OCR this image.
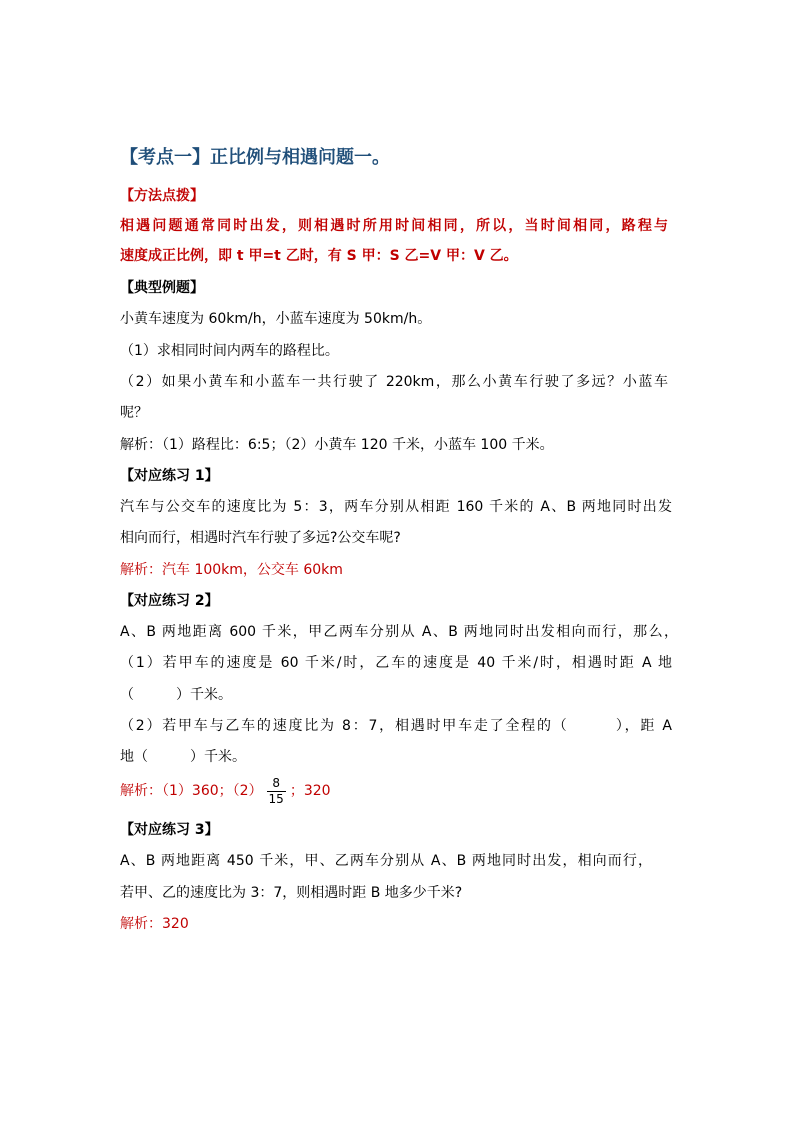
【考点一】正比例与相遇问题一。
【方法点拨】
相遇问题通常同时出发，则相遇时所用时间相同，所以，当时间相同，路程与
速度成正比例，即 t 甲=t 乙时，有 S 甲：S 乙=V 甲：V 乙。
【典型例题】
小黄车速度为 60km/h，小蓝车速度为 50km/h。
（1）求相同时间内两车的路程比。
（2）如果小黄车和小蓝车一共行驶了 220km，那么小黄车行驶了多远？小蓝车
呢？
解析：（1）路程比：6:5；（2）小黄车 120 千米，小蓝车 100 千米。
【对应练习 1】
汽车与公交车的速度比为 5：3，两车分别从相距 160 千米的 A、B 两地同时出发
相向而行，相遇时汽车行驶了多远?公交车呢?
解析：汽车 100km，公交车 60km
【对应练习 2】
A、B 两地距离 600 千米，甲乙两车分别从 A、B 两地同时出发相向而行，那么，
（1）若甲车的速度是 60 千米/时，乙车的速度是 40 千米/时，相遇时距 A 地
（　　　）千米。
（2）若甲车与乙车的速度比为 8：7，相遇时甲车走了全程的（　　　），距 A
地（　　　）千米。
解析：（1）360；$(2) \frac{8}{15}$ ；320
【对应练习 3】
A、B 两地距离 450 千米，甲、乙两车分别从 A、B 两地同时出发，相向而行，
若甲、乙的速度比为 3：7，则相遇时距 B 地多少千米?
解析：320
